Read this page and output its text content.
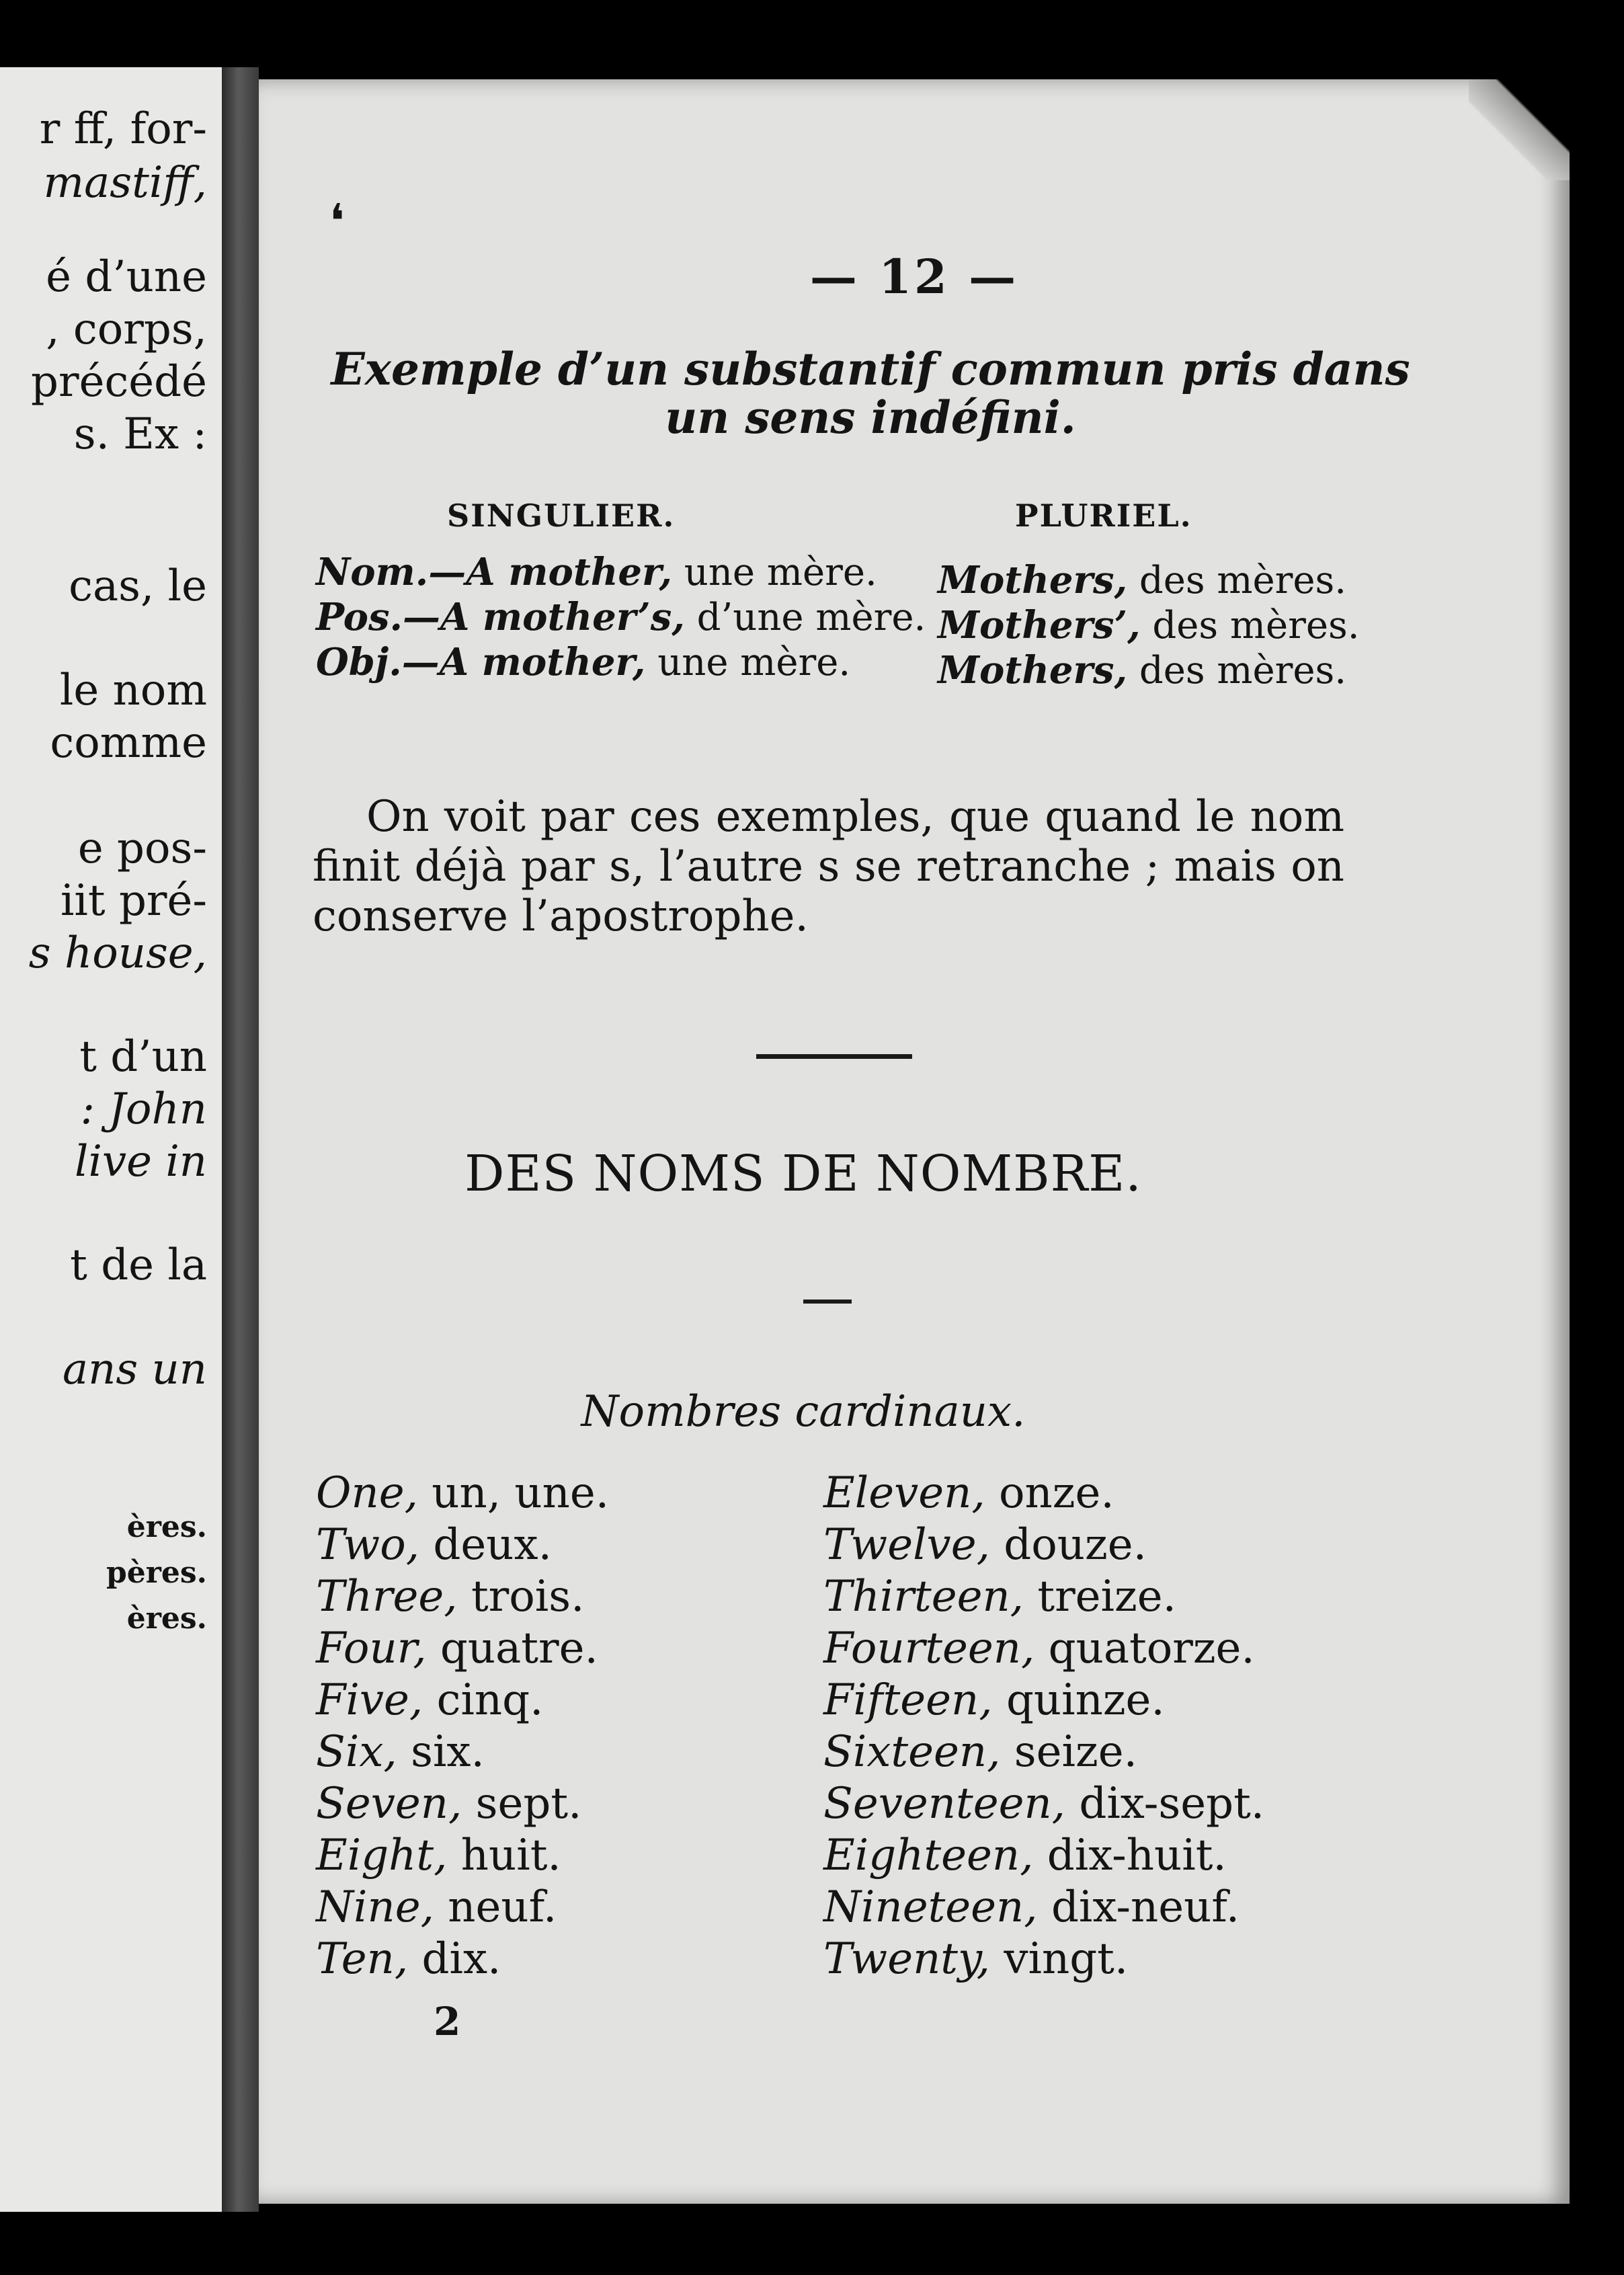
r ff, for-
mastiff,
é d’une
, corps,
précédé
s. Ex :
cas, le
le nom
comme
e pos-
iit pré-
s house,
t d’un
: John
live in
t de la
ans un
ères.
pères.
ères.
❛
— 12 —
Exemple d’un substantif commun pris dans un sens indéfini.
SINGULIER.	PLURIEL.
Nom.—A mother, une mère.
Pos.—A mother’s, d’une mère.
Obj.—A mother, une mère.
Mothers, des mères.
Mothers’, des mères.
Mothers, des mères.
On voit par ces exemples, que quand le nom finit déjà par s, l’autre s se retranche ; mais on conserve l’apostrophe.
DES NOMS DE NOMBRE.
Nombres cardinaux.
One, un, une.
Two, deux.
Three, trois.
Four, quatre.
Five, cinq.
Six, six.
Seven, sept.
Eight, huit.
Nine, neuf.
Ten, dix.
Eleven, onze.
Twelve, douze.
Thirteen, treize.
Fourteen, quatorze.
Fifteen, quinze.
Sixteen, seize.
Seventeen, dix-sept.
Eighteen, dix-huit.
Nineteen, dix-neuf.
Twenty, vingt.
2
